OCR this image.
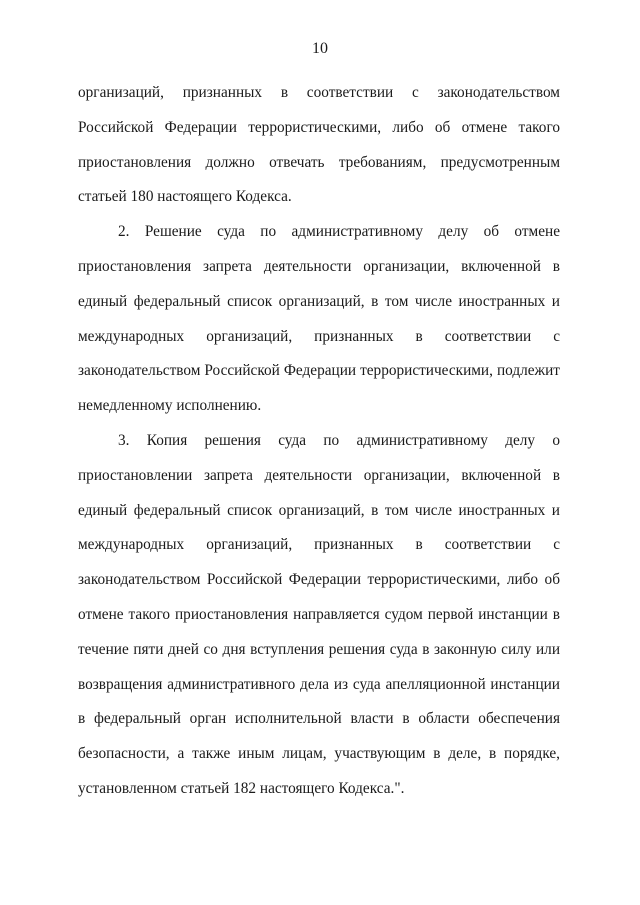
10

организаций, признанных в соответствии с законодательством Российской Федерации террористическими, либо об отмене такого приостановления должно отвечать требованиям, предусмотренным статьей 180 настоящего Кодекса.

2. Решение суда по административному делу об отмене приостановления запрета деятельности организации, включенной в единый федеральный список организаций, в том числе иностранных и международных организаций, признанных в соответствии с законодательством Российской Федерации террористическими, подлежит немедленному исполнению.

3. Копия решения суда по административному делу о приостановлении запрета деятельности организации, включенной в единый федеральный список организаций, в том числе иностранных и международных организаций, признанных в соответствии с законодательством Российской Федерации террористическими, либо об отмене такого приостановления направляется судом первой инстанции в течение пяти дней со дня вступления решения суда в законную силу или возвращения административного дела из суда апелляционной инстанции в федеральный орган исполнительной власти в области обеспечения безопасности, а также иным лицам, участвующим в деле, в порядке, установленном статьей 182 настоящего Кодекса.".
